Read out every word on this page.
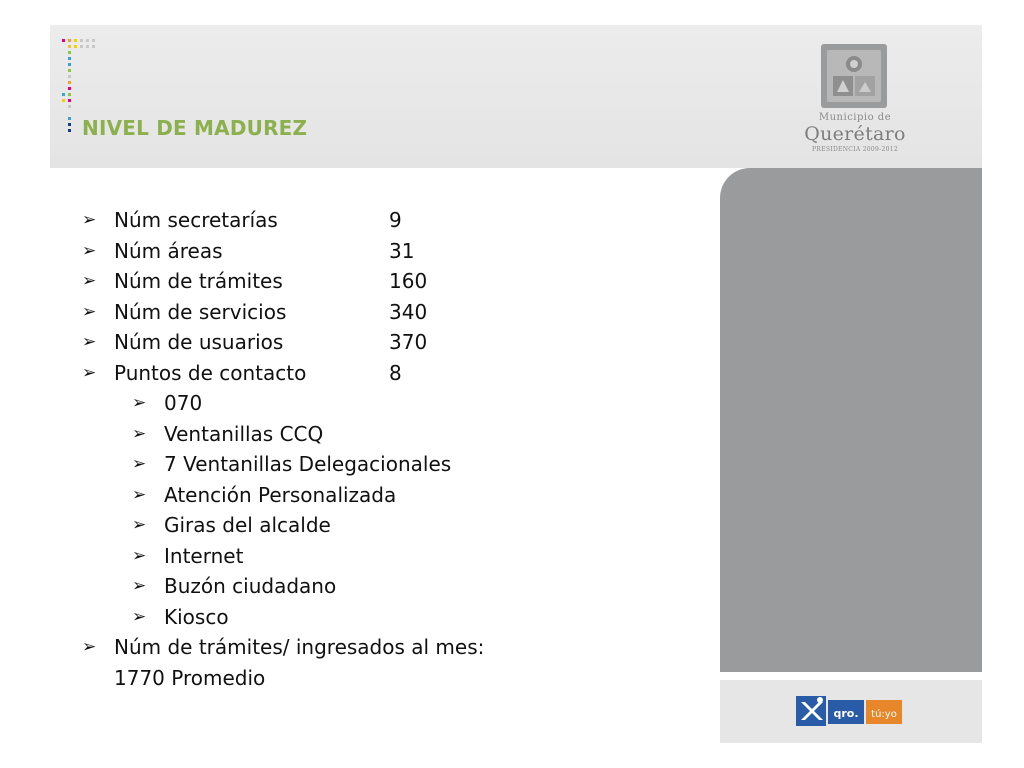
NIVEL DE MADUREZ	Municipio de
Querétaro
PRESIDENCIA 2009-2012
➢ Núm secretarías	9
➢ Núm áreas	31
➢ Núm de trámites	160
➢ Núm de servicios	340
➢ Núm de usuarios	370
➢ Puntos de contacto	8
➢ 070
➢ Ventanillas CCQ
➢ 7 Ventanillas Delegacionales
➢ Atención Personalizada
➢ Giras del alcalde
➢ Internet
➢ Buzón ciudadano
➢ Kiosco
➢ Núm de trámites/ ingresados al mes:
1770 Promedio
qro. tú:yo
